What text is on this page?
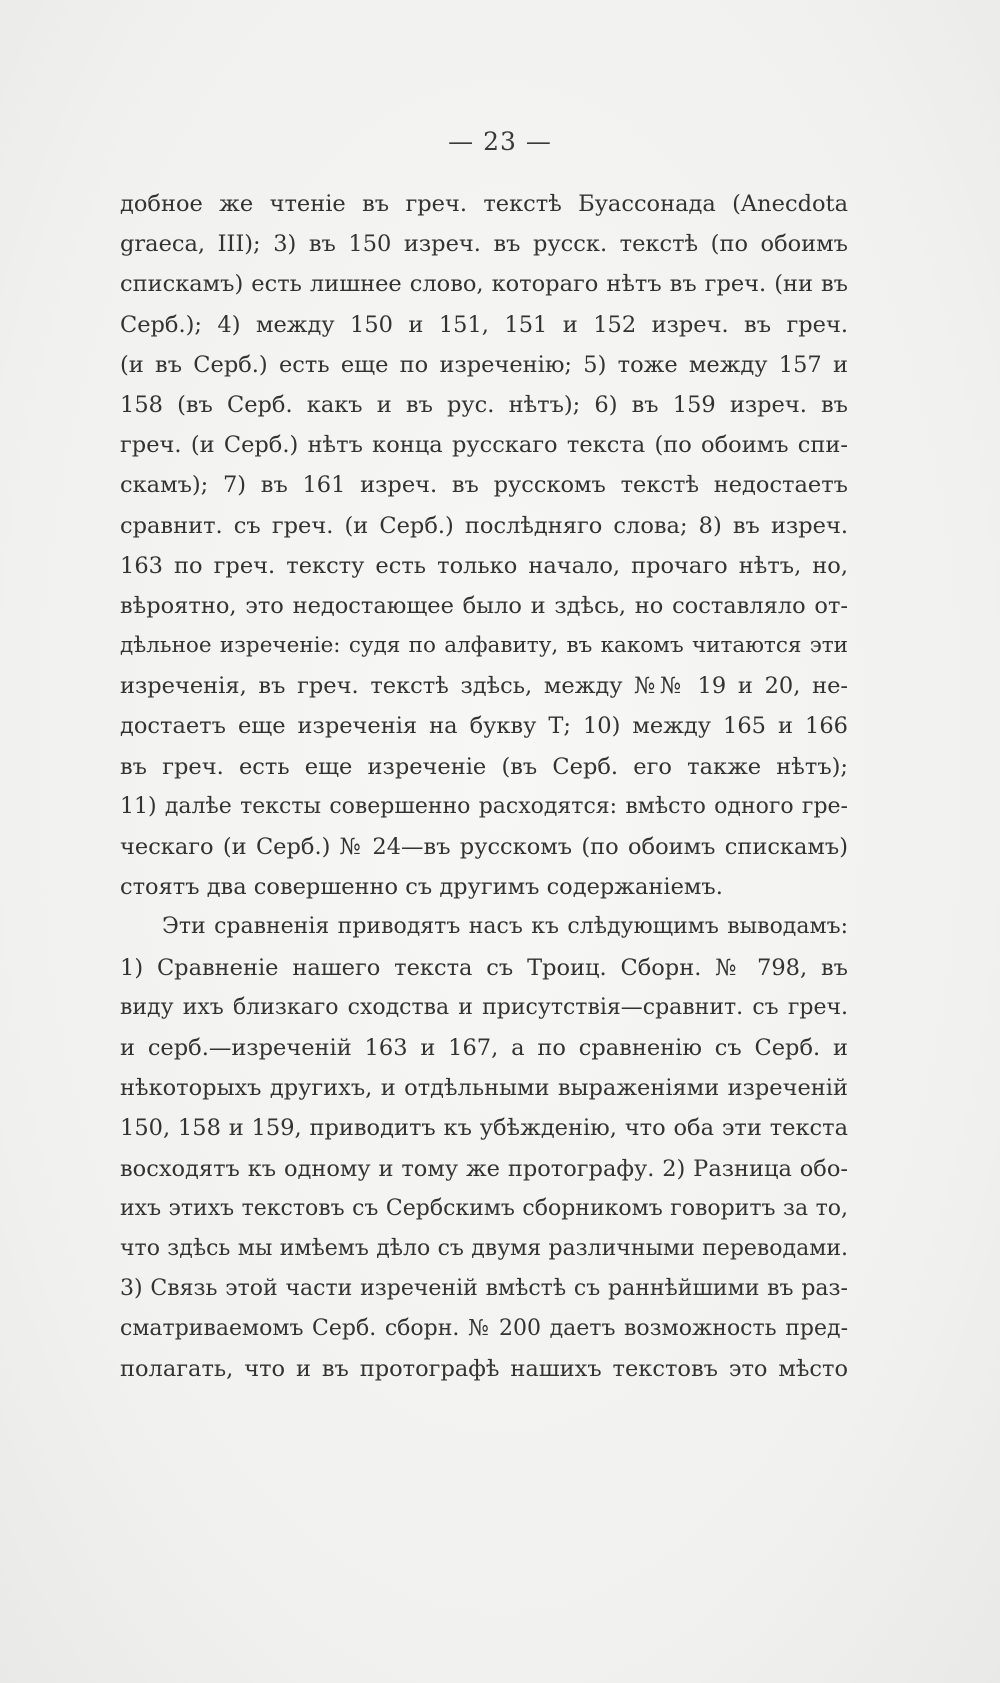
— 23 —
добное же чтеніе въ греч. текстѣ Буассонада (Anecdota
graeca, III); 3) въ 150 изреч. въ русск. текстѣ (по обоимъ
спискамъ) есть лишнее слово, котораго нѣтъ въ греч. (ни въ
Серб.); 4) между 150 и 151, 151 и 152 изреч. въ греч.
(и въ Серб.) есть еще по изреченію; 5) тоже между 157 и
158 (въ Серб. какъ и въ рус. нѣтъ); 6) въ 159 изреч. въ
греч. (и Серб.) нѣтъ конца русскаго текста (по обоимъ спи-
скамъ); 7) въ 161 изреч. въ русскомъ текстѣ недостаетъ
сравнит. съ греч. (и Серб.) послѣдняго слова; 8) въ изреч.
163 по греч. тексту есть только начало, прочаго нѣтъ, но,
вѣроятно, это недостающее было и здѣсь, но составляло от-
дѣльное изреченіе: судя по алфавиту, въ какомъ читаются эти
изреченія, въ греч. текстѣ здѣсь, между №№ 19 и 20, не-
достаетъ еще изреченія на букву Т; 10) между 165 и 166
въ греч. есть еще изреченіе (въ Серб. его также нѣтъ);
11) далѣе тексты совершенно расходятся: вмѣсто одного гре-
ческаго (и Серб.) № 24—въ русскомъ (по обоимъ спискамъ)
стоятъ два совершенно съ другимъ содержаніемъ.
Эти сравненія приводятъ насъ къ слѣдующимъ выводамъ:
1) Сравненіе нашего текста съ Троиц. Сборн. № 798, въ
виду ихъ близкаго сходства и присутствія—сравнит. съ греч.
и серб.—изреченій 163 и 167, а по сравненію съ Серб. и
нѣкоторыхъ другихъ, и отдѣльными выраженіями изреченій
150, 158 и 159, приводитъ къ убѣжденію, что оба эти текста
восходятъ къ одному и тому же протографу. 2) Разница обо-
ихъ этихъ текстовъ съ Сербскимъ сборникомъ говоритъ за то,
что здѣсь мы имѣемъ дѣло съ двумя различными переводами.
3) Связь этой части изреченій вмѣстѣ съ раннѣйшими въ раз-
сматриваемомъ Серб. сборн. № 200 даетъ возможность пред-
полагать, что и въ протографѣ нашихъ текстовъ это мѣсто
